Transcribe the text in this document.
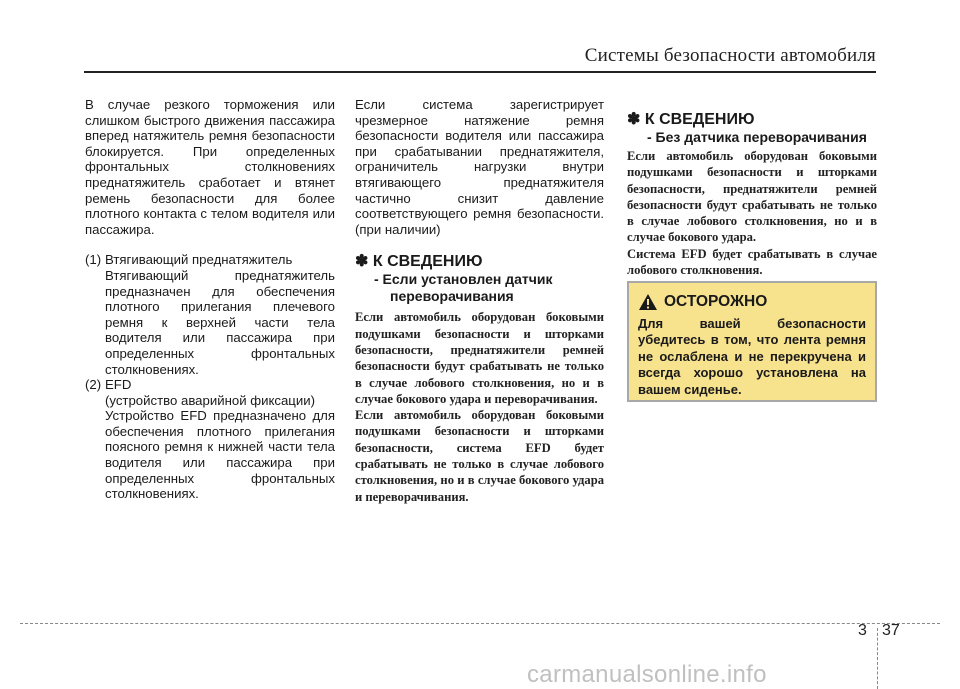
Системы безопасности автомобиля

В случае резкого торможения или слишком быстрого движения пассажира вперед натяжитель ремня безопасности блокируется. При определенных фронтальных столкновениях преднатяжитель сработает и втянет ремень безопасности для более плотного контакта с телом водителя или пассажира.

(1) Втягивающий преднатяжитель
Втягивающий преднатяжитель предназначен для обеспечения плотного прилегания плечевого ремня к верхней части тела водителя или пассажира при определенных фронтальных столкновениях.
(2) EFD
(устройство аварийной фиксации)
Устройство EFD предназначено для обеспечения плотного прилегания поясного ремня к нижней части тела водителя или пассажира при определенных фронтальных столкновениях.

Если система зарегистрирует чрезмерное натяжение ремня безопасности водителя или пассажира при срабатывании преднатяжителя, ограничитель нагрузки внутри втягивающего преднатяжителя частично снизит давление соответствующего ремня безопасности. (при наличии)

✽ К СВЕДЕНИЮ
- Если установлен датчик переворачивания

Если автомобиль оборудован боковыми подушками безопасности и шторками безопасности, преднатяжители ремней безопасности будут срабатывать не только в случае лобового столкновения, но и в случае бокового удара и переворачивания.

Если автомобиль оборудован боковыми подушками безопасности и шторками безопасности, система EFD будет срабатывать не только в случае лобового столкновения, но и в случае бокового удара и переворачивания.

✽ К СВЕДЕНИЮ
- Без датчика переворачивания

Если автомобиль оборудован боковыми подушками безопасности и шторками безопасности, преднатяжители ремней безопасности будут срабатывать не только в случае лобового столкновения, но и в случае бокового удара.

Система EFD будет срабатывать в случае лобового столкновения.

ОСТОРОЖНО
Для вашей безопасности убедитесь в том, что лента ремня не ослаблена и не перекручена и всегда хорошо установлена на вашем сиденье.
3 37
carmanualsonline.info
